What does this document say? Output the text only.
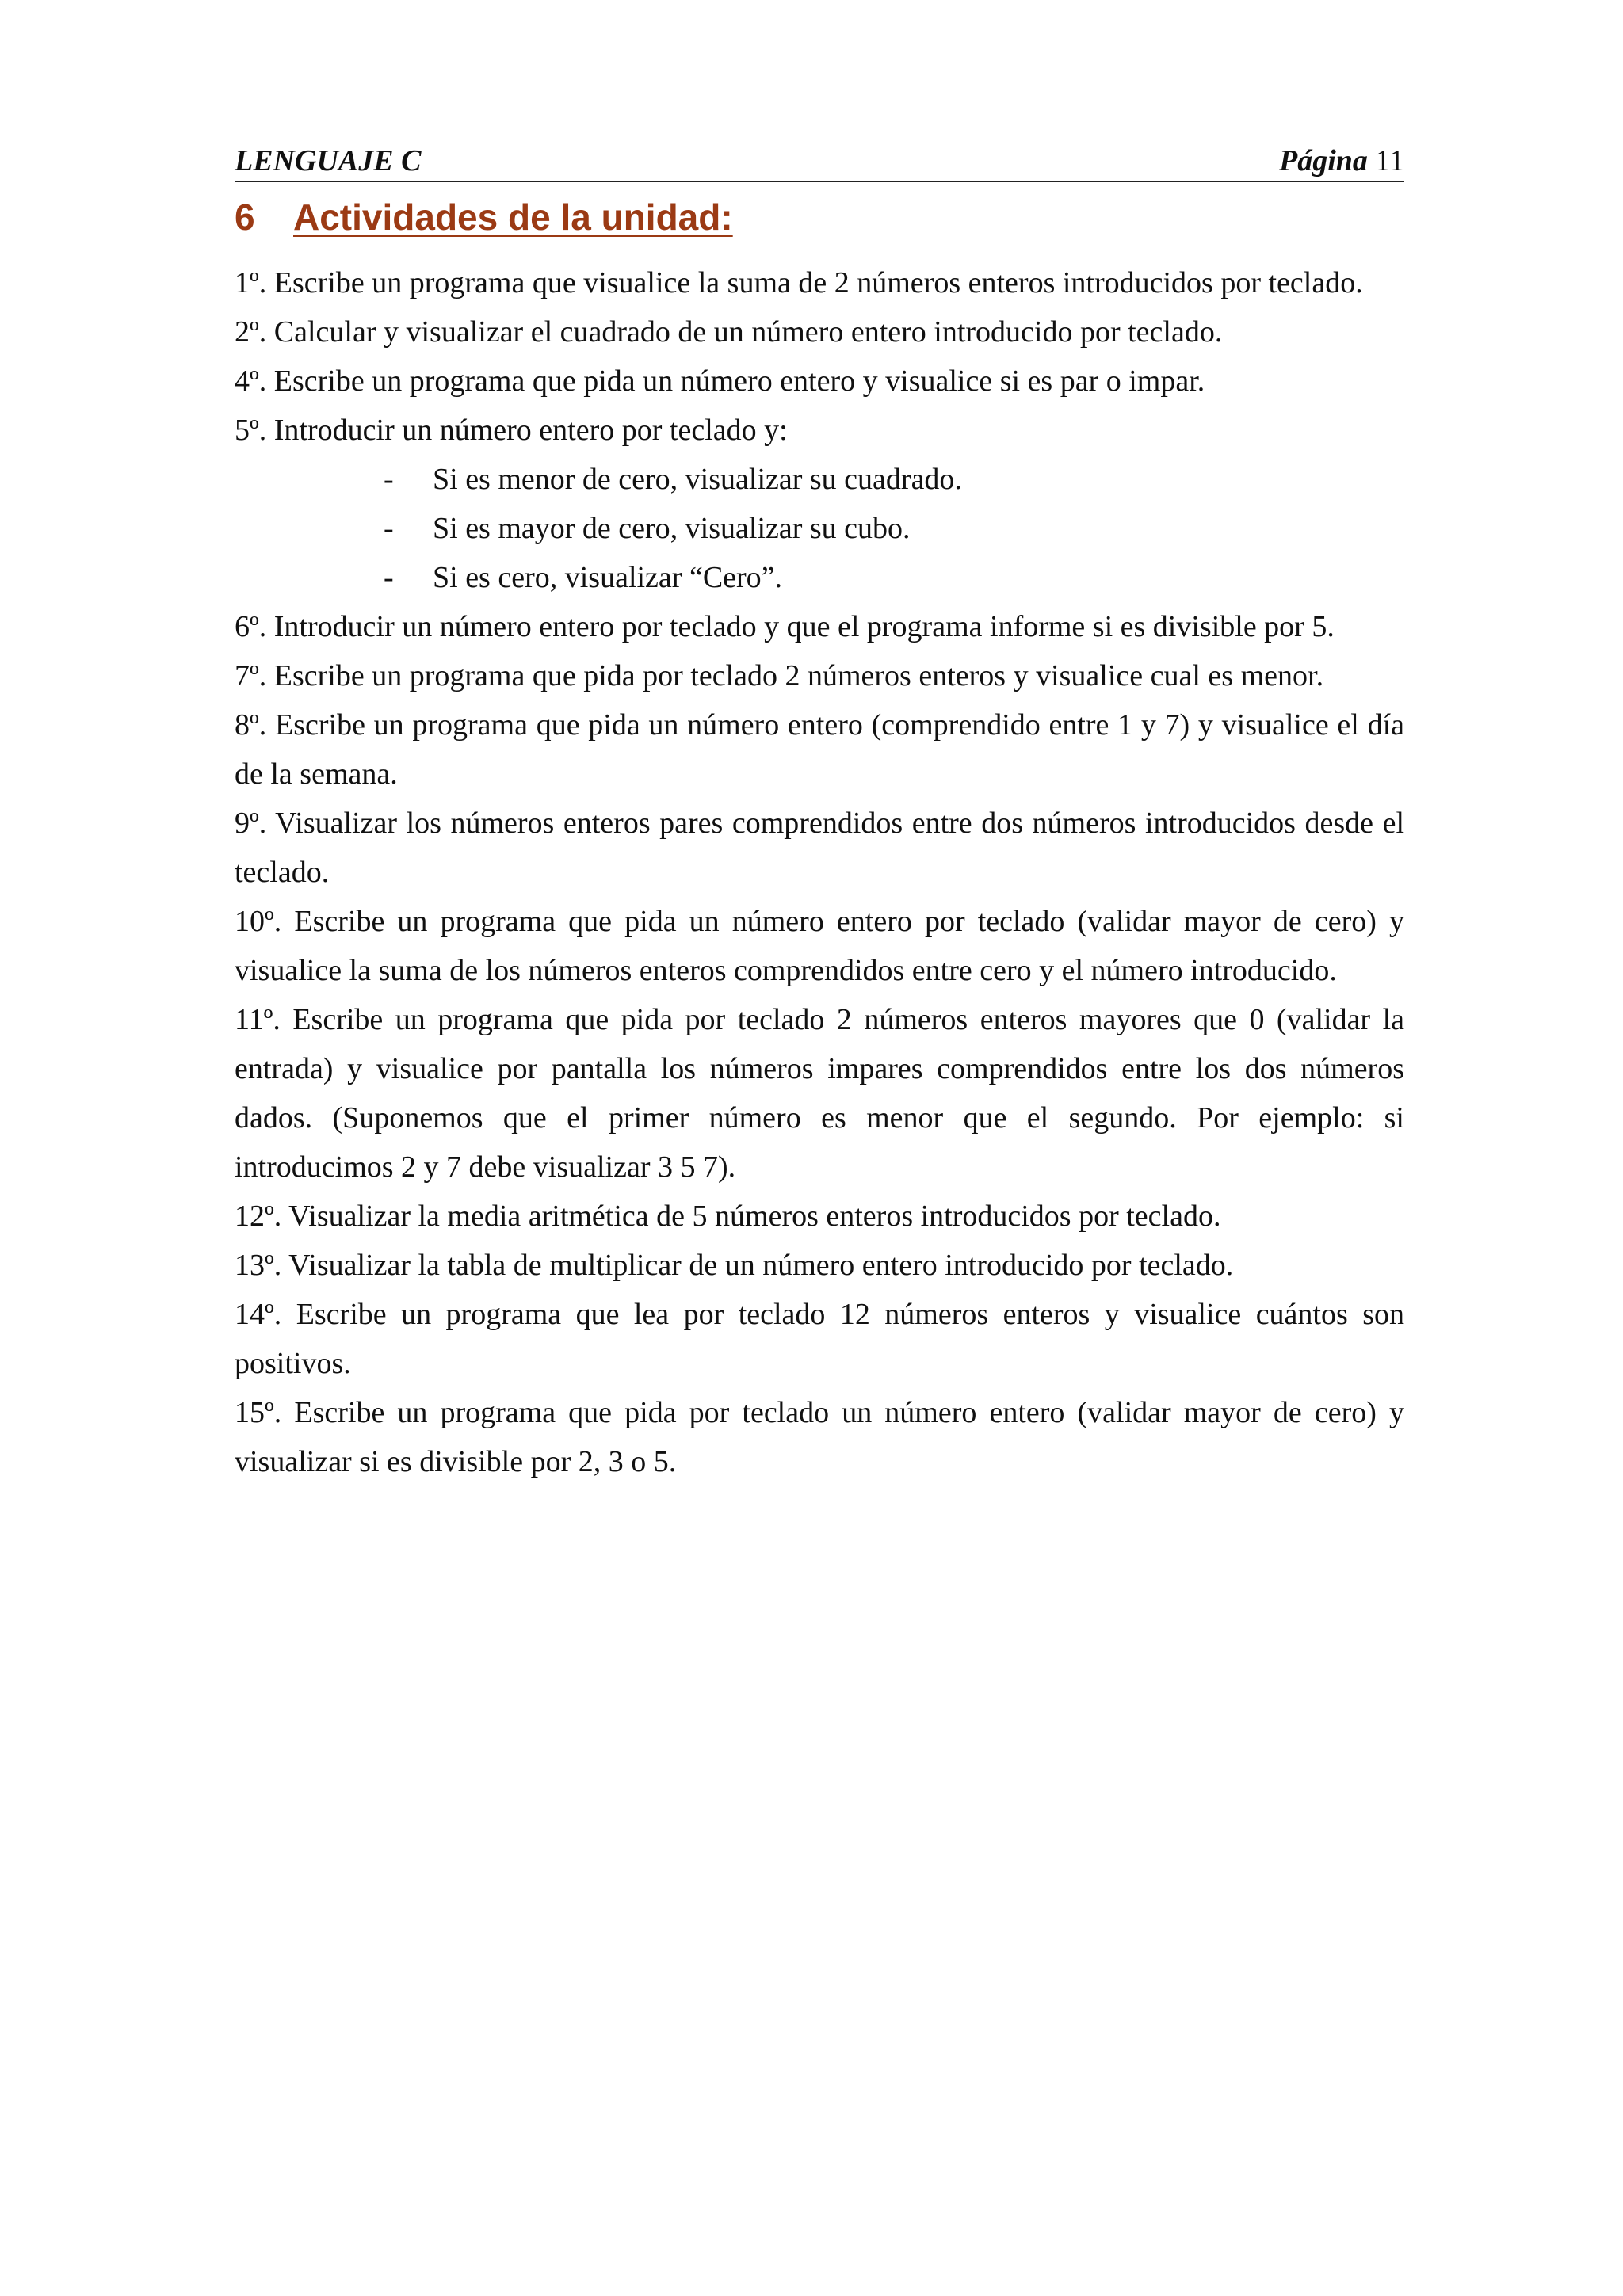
LENGUAJE C	Página 11
6 Actividades de la unidad:

1º. Escribe un programa que visualice la suma de 2 números enteros introducidos por teclado.

2º. Calcular y visualizar el cuadrado de un número entero introducido por teclado.

4º. Escribe un programa que pida un número entero y visualice si es par o impar.

5º. Introducir un número entero por teclado y:

- Si es menor de cero, visualizar su cuadrado.

- Si es mayor de cero, visualizar su cubo.

- Si es cero, visualizar “Cero”.

6º. Introducir un número entero por teclado y que el programa informe si es divisible por 5.

7º. Escribe un programa que pida por teclado 2 números enteros y visualice cual es menor.

8º. Escribe un programa que pida un número entero (comprendido entre 1 y 7) y visualice el día de la semana.

9º. Visualizar los números enteros pares comprendidos entre dos números introducidos desde el teclado.

10º. Escribe un programa que pida un número entero por teclado (validar mayor de cero) y visualice la suma de los números enteros comprendidos entre cero y el número introducido.

11º. Escribe un programa que pida por teclado 2 números enteros mayores que 0 (validar la entrada) y visualice por pantalla los números impares comprendidos entre los dos números dados. (Suponemos que el primer número es menor que el segundo. Por ejemplo: si introducimos 2 y 7 debe visualizar 3 5 7).

12º. Visualizar la media aritmética de 5 números enteros introducidos por teclado.

13º. Visualizar la tabla de multiplicar de un número entero introducido por teclado.

14º. Escribe un programa que lea por teclado 12 números enteros y visualice cuántos son positivos.

15º. Escribe un programa que pida por teclado un número entero (validar mayor de cero) y visualizar si es divisible por 2, 3 o 5.
